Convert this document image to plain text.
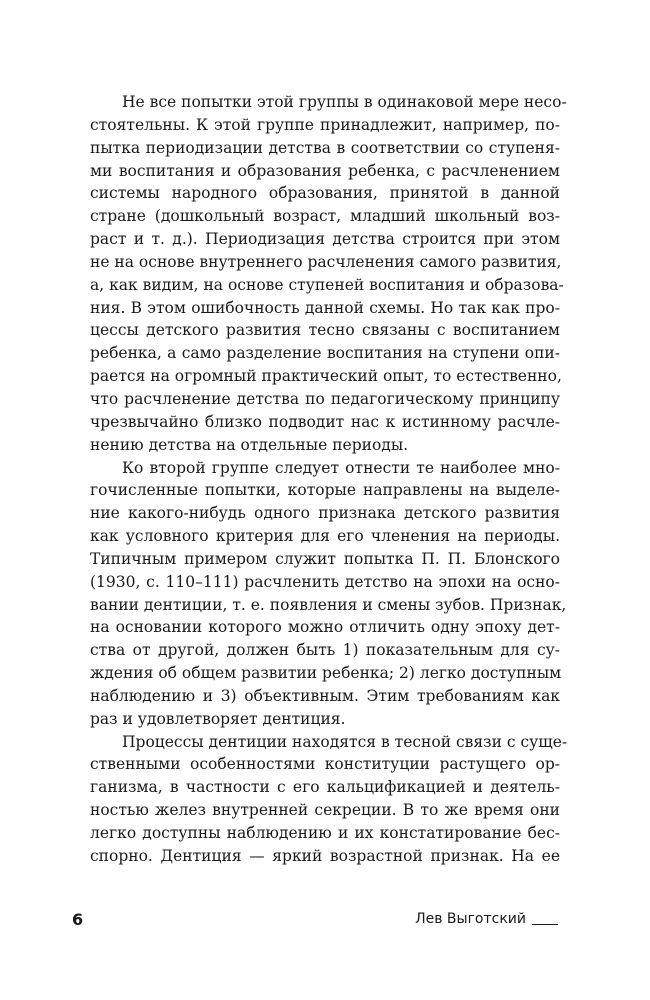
Не все попытки этой группы в одинаковой мере несо-
стоятельны. К этой группе принадлежит, например, по-
пытка периодизации детства в соответствии со ступеня-
ми воспитания и образования ребенка, с расчленением
системы народного образования, принятой в данной
стране (дошкольный возраст, младший школьный воз-
раст и т. д.). Периодизация детства строится при этом
не на основе внутреннего расчленения самого развития,
а, как видим, на основе ступеней воспитания и образова-
ния. В этом ошибочность данной схемы. Но так как про-
цессы детского развития тесно связаны с воспитанием
ребенка, а само разделение воспитания на ступени опи-
рается на огромный практический опыт, то естественно,
что расчленение детства по педагогическому принципу
чрезвычайно близко подводит нас к истинному расчле-
нению детства на отдельные периоды.
Ко второй группе следует отнести те наиболее мно-
гочисленные попытки, которые направлены на выделе-
ние какого-нибудь одного признака детского развития
как условного критерия для его членения на периоды.
Типичным примером служит попытка П. П. Блонского
(1930, с. 110–111) расчленить детство на эпохи на осно-
вании дентиции, т. е. появления и смены зубов. Признак,
на основании которого можно отличить одну эпоху дет-
ства от другой, должен быть 1) показательным для су-
ждения об общем развитии ребенка; 2) легко доступным
наблюдению и 3) объективным. Этим требованиям как
раз и удовлетворяет дентиция.
Процессы дентиции находятся в тесной связи с суще-
ственными особенностями конституции растущего ор-
ганизма, в частности с его кальцификацией и деятель-
ностью желез внутренней секреции. В то же время они
легко доступны наблюдению и их констатирование бес-
спорно. Дентиция — яркий возрастной признак. На ее
6	Лев Выготский
